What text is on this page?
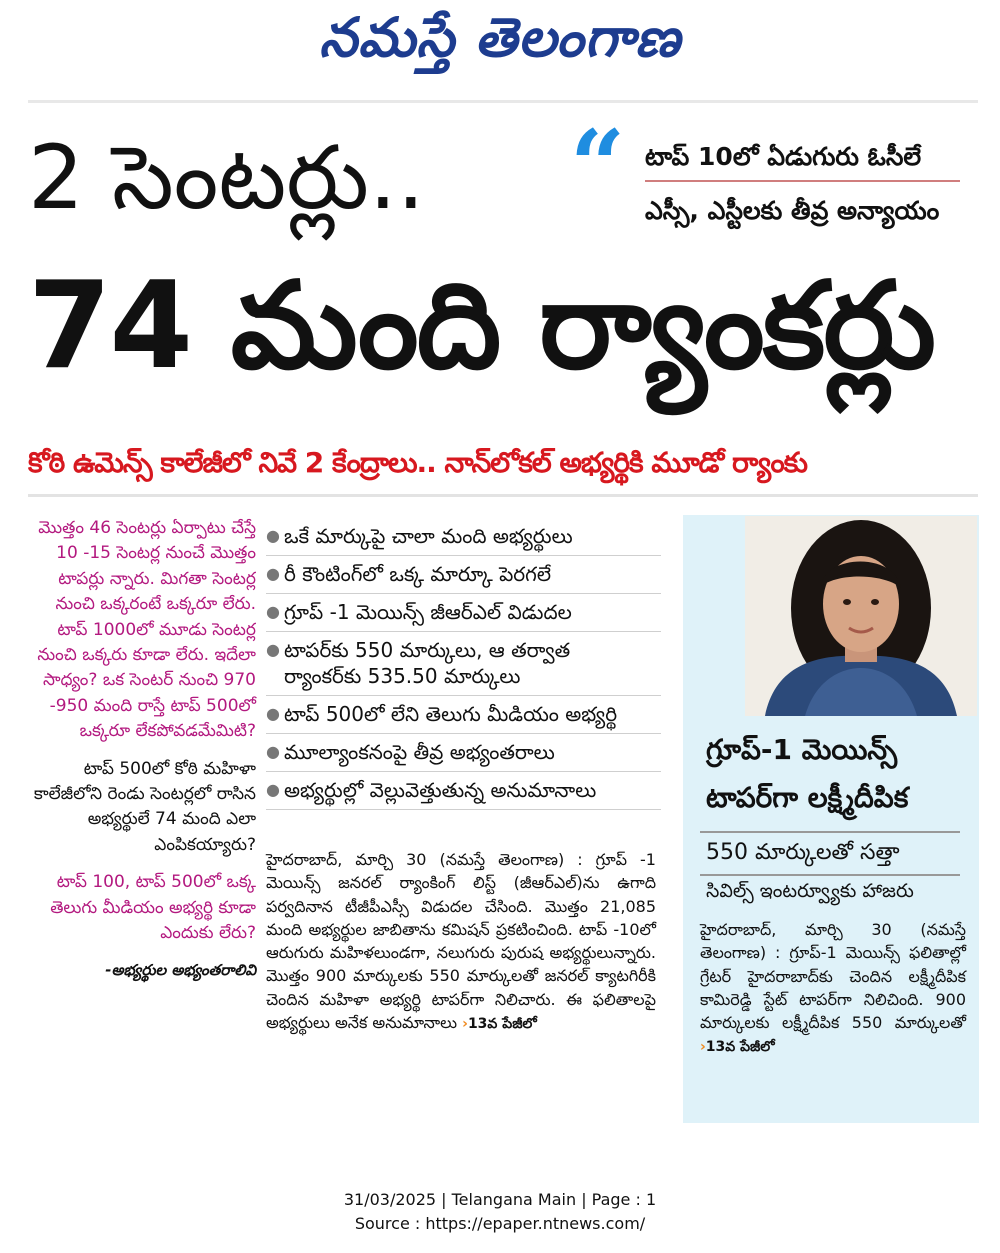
నమస్తే తెలంగాణ
2 సెంటర్లు.. “ టాప్ 10లో ఏడుగురు ఓసీలే
ఎస్సీ, ఎస్టీలకు తీవ్ర అన్యాయం
74 మంది ర్యాంకర్లు
కోఠి ఉమెన్స్ కాలేజీలో నివే 2 కేంద్రాలు.. నాన్‌లోకల్ అభ్యర్థికి మూడో ర్యాంకు

మొత్తం 46 సెంటర్లు ఏర్పాటు చేస్తే 10 -15 సెంటర్ల నుంచే మొత్తం టాపర్లు న్నారు. మిగతా సెంటర్ల నుంచి ఒక్కరంటే ఒక్కరూ లేరు. టాప్ 1000లో మూడు సెంటర్ల నుంచి ఒక్కరు కూడా లేరు. ఇదేలా సాధ్యం? ఒక సెంటర్ నుంచి 970 -950 మంది రాస్తే టాప్ 500లో ఒక్కరూ లేకపోవడమేమిటి?

టాప్ 500లో కోఠి మహిళా కాలేజీలోని రెండు సెంటర్లలో రాసిన అభ్యర్థులే 74 మంది ఎలా ఎంపికయ్యారు?

టాప్ 100, టాప్ 500లో ఒక్క తెలుగు మీడియం అభ్యర్థి కూడా ఎందుకు లేరు?

-అభ్యర్థుల అభ్యంతరాలివి
● ఒకే మార్కుపై చాలా మంది అభ్యర్థులు
● రీ కౌంటింగ్‌లో ఒక్క మార్కూ పెరగలే
● గ్రూప్ -1 మెయిన్స్ జీఆర్ఎల్ విడుదల
● టాపర్‌కు 550 మార్కులు, ఆ తర్వాత
ర్యాంకర్‌కు 535.50 మార్కులు
● టాప్ 500లో లేని తెలుగు మీడియం అభ్యర్థి
● మూల్యాంకనంపై తీవ్ర అభ్యంతరాలు
● అభ్యర్థుల్లో వెల్లువెత్తుతున్న అనుమానాలు
హైదరాబాద్, మార్చి 30 (నమస్తే తెలంగాణ) : గ్రూప్ -1 మెయిన్స్ జనరల్ ర్యాంకింగ్ లిస్ట్ (జీఆర్ఎల్)ను ఉగాది పర్వదినాన టీజీపీఎస్సీ విడుదల చేసింది. మొత్తం 21,085 మంది అభ్యర్థుల జాబితాను కమిషన్ ప్రకటించింది. టాప్ -10లో ఆరుగురు మహిళలుండగా, నలుగురు పురుష అభ్యర్థులున్నారు. మొత్తం 900 మార్కులకు 550 మార్కులతో జనరల్ క్యాటగిరీకి చెందిన మహిళా అభ్యర్థి టాపర్‌గా నిలిచారు. ఈ ఫలితాలపై అభ్యర్థులు అనేక అనుమానాలు ›13వ పేజీలో
గ్రూప్-1 మెయిన్స్
టాపర్‌గా లక్ష్మీదీపిక
550 మార్కులతో సత్తా
సివిల్స్ ఇంటర్వ్యూకు హాజరు
హైదరాబాద్, మార్చి 30 (నమస్తే తెలంగాణ) : గ్రూప్-1 మెయిన్స్ ఫలితాల్లో గ్రేటర్ హైదరాబాద్‌కు చెందిన లక్ష్మీదీపిక కామిరెడ్డి స్టేట్ టాపర్‌గా నిలిచింది. 900 మార్కులకు లక్ష్మీదీపిక 550 మార్కులతో ›13వ పేజీలో
31/03/2025 | Telangana Main | Page : 1
Source : https://epaper.ntnews.com/
